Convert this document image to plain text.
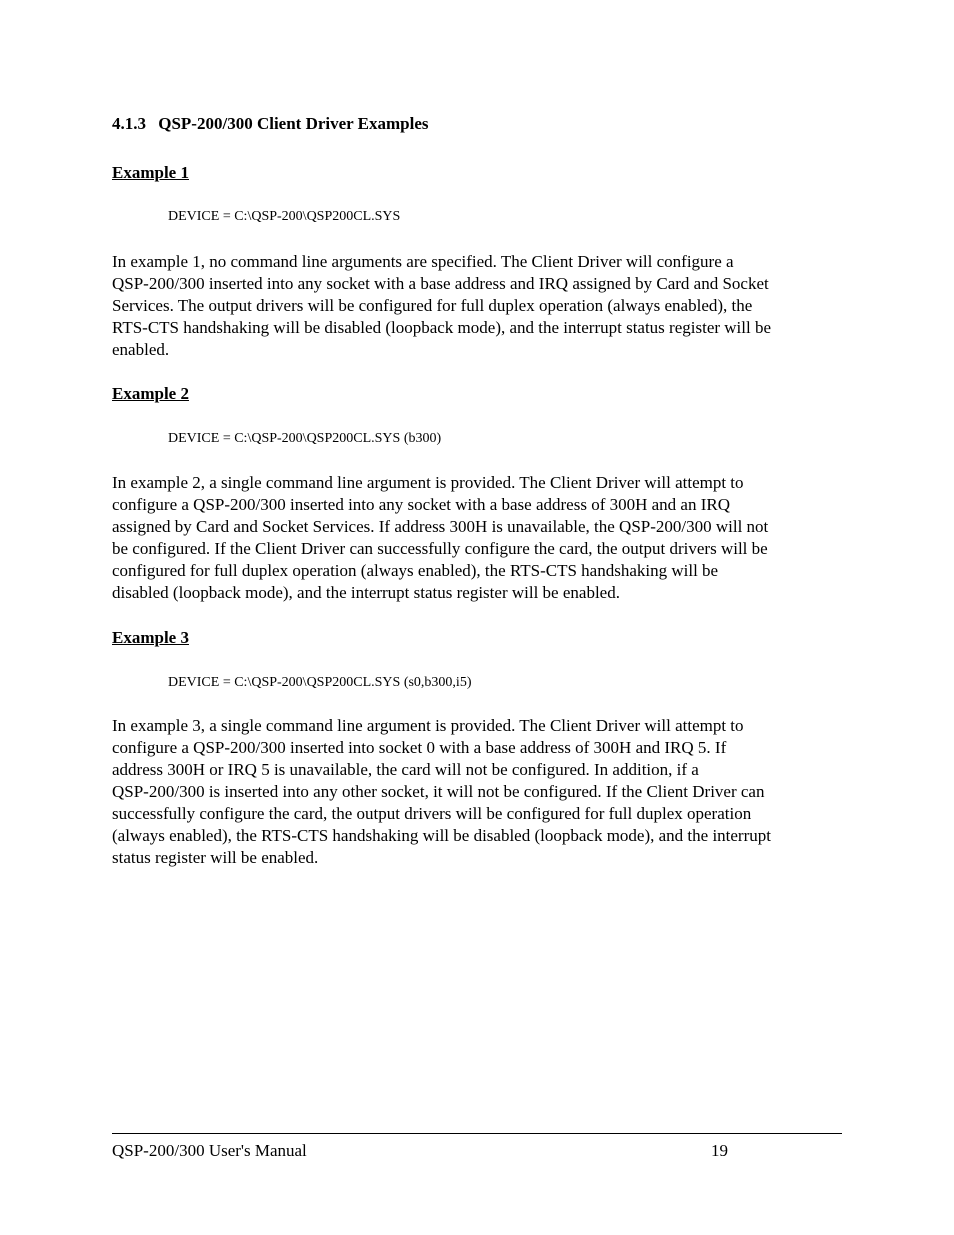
4.1.3 QSP-200/300 Client Driver Examples
Example 1
DEVICE = C:\QSP-200\QSP200CL.SYS
In example 1, no command line arguments are specified. The Client Driver will configure a
QSP-200/300 inserted into any socket with a base address and IRQ assigned by Card and Socket
Services. The output drivers will be configured for full duplex operation (always enabled), the
RTS-CTS handshaking will be disabled (loopback mode), and the interrupt status register will be
enabled.
Example 2
DEVICE = C:\QSP-200\QSP200CL.SYS (b300)
In example 2, a single command line argument is provided. The Client Driver will attempt to
configure a QSP-200/300 inserted into any socket with a base address of 300H and an IRQ
assigned by Card and Socket Services. If address 300H is unavailable, the QSP-200/300 will not
be configured. If the Client Driver can successfully configure the card, the output drivers will be
configured for full duplex operation (always enabled), the RTS-CTS handshaking will be
disabled (loopback mode), and the interrupt status register will be enabled.
Example 3
DEVICE = C:\QSP-200\QSP200CL.SYS (s0,b300,i5)
In example 3, a single command line argument is provided. The Client Driver will attempt to
configure a QSP-200/300 inserted into socket 0 with a base address of 300H and IRQ 5. If
address 300H or IRQ 5 is unavailable, the card will not be configured. In addition, if a
QSP-200/300 is inserted into any other socket, it will not be configured. If the Client Driver can
successfully configure the card, the output drivers will be configured for full duplex operation
(always enabled), the RTS-CTS handshaking will be disabled (loopback mode), and the interrupt
status register will be enabled.
QSP-200/300 User's Manual	19
